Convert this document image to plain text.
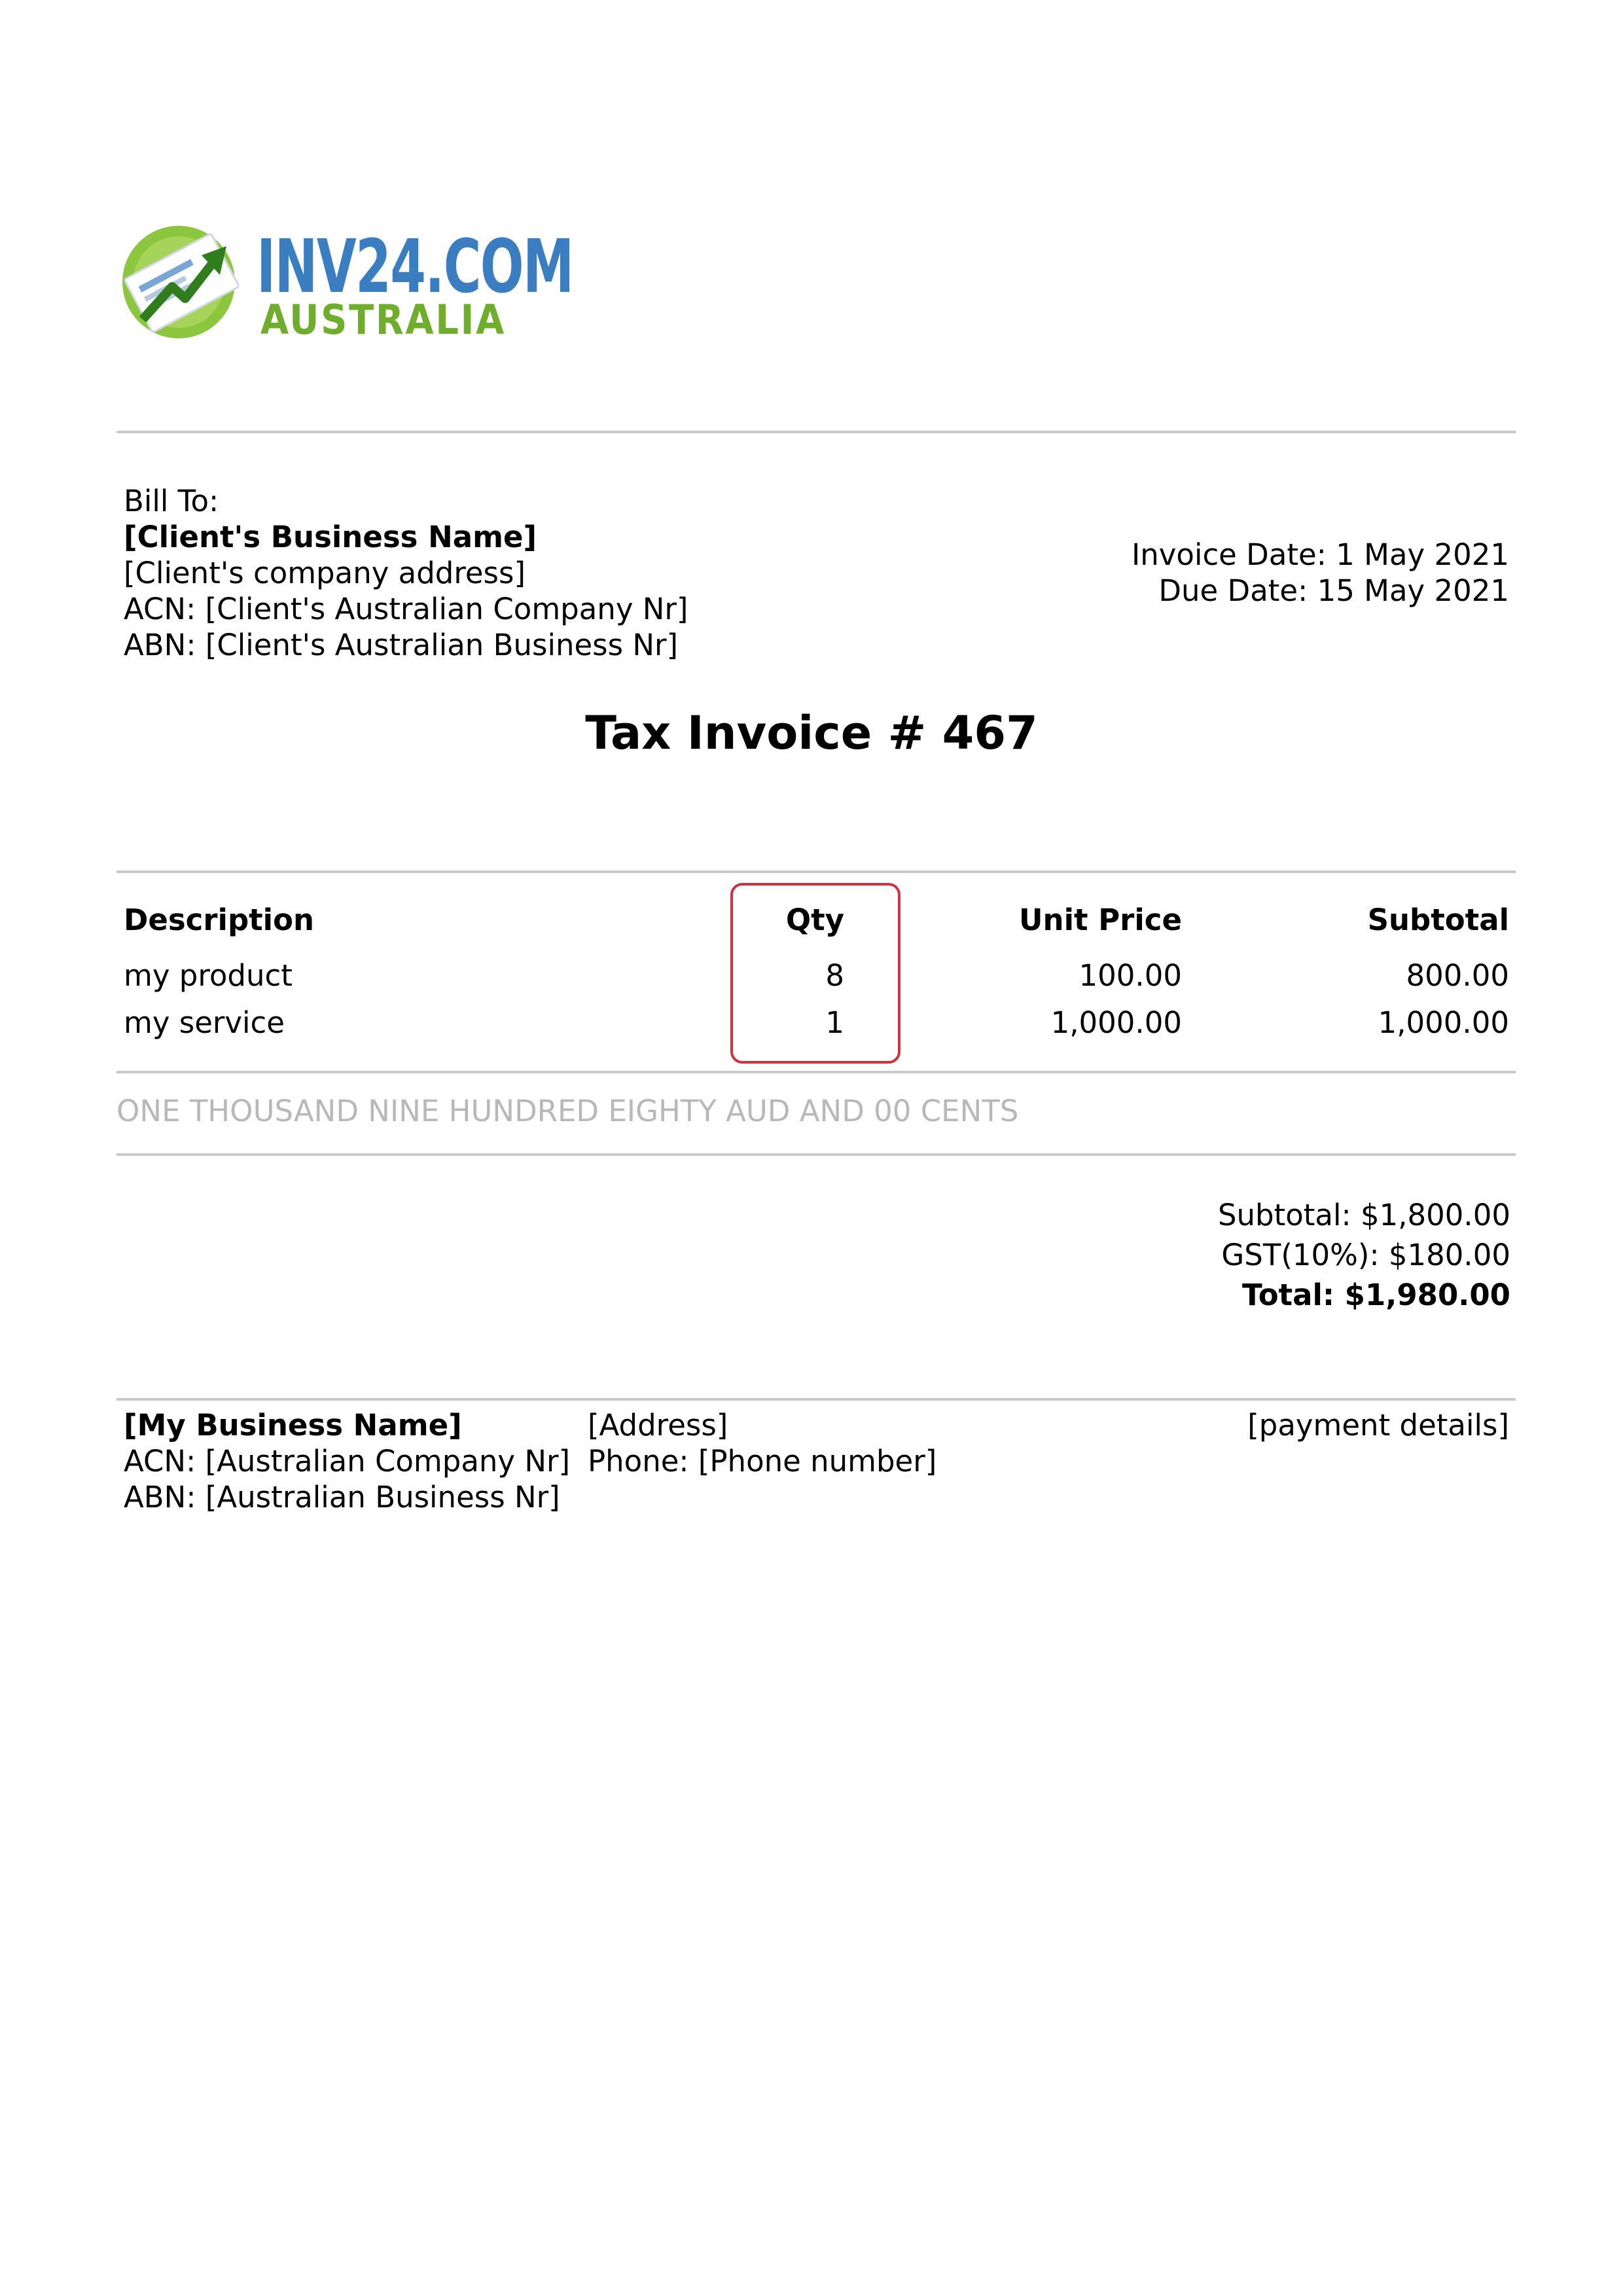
INV24.COM
AUSTRALIA
Bill To:
[Client's Business Name]
[Client's company address]
ACN: [Client's Australian Company Nr]
ABN: [Client's Australian Business Nr]
Invoice Date: 1 May 2021
Due Date: 15 May 2021
Tax Invoice # 467
Description	Qty	Unit Price	Subtotal
my product	8	100.00	800.00
my service	1	1,000.00	1,000.00
ONE THOUSAND NINE HUNDRED EIGHTY AUD AND 00 CENTS
Subtotal: $1,800.00
GST(10%): $180.00
Total: $1,980.00
[My Business Name]
ACN: [Australian Company Nr]
ABN: [Australian Business Nr]
[Address]
Phone: [Phone number]
[payment details]
